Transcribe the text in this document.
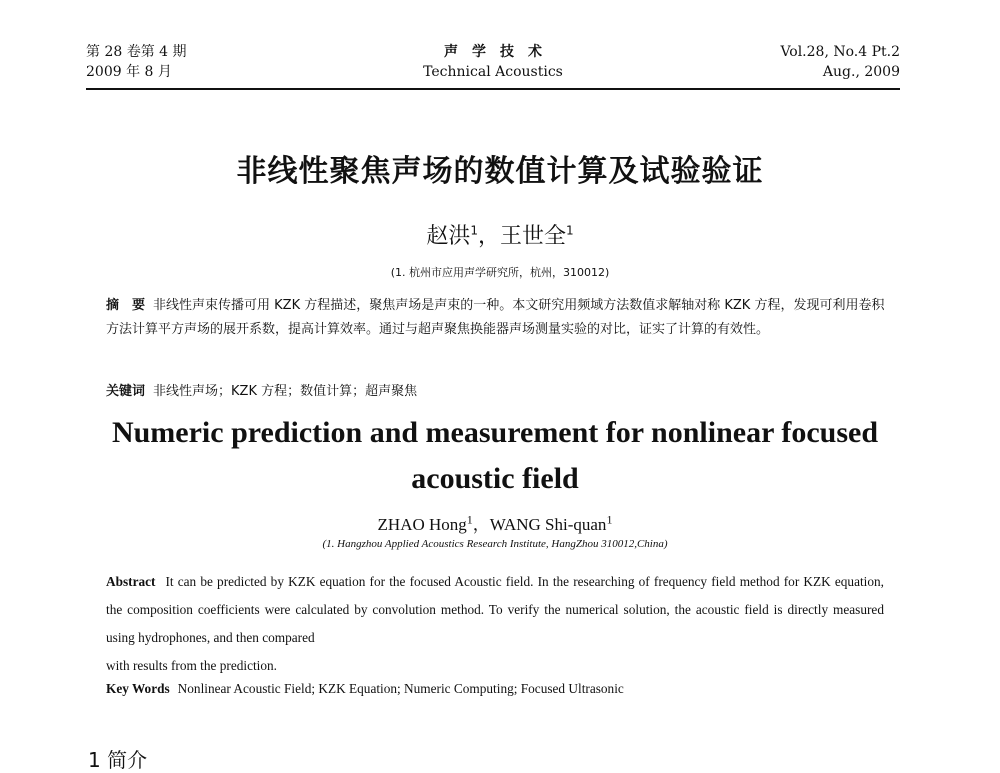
第 28 卷第 4 期
2009 年 8 月
声学技术
Technical Acoustics
Vol.28, No.4 Pt.2
Aug., 2009
非线性聚焦声场的数值计算及试验验证
赵洪$^1$，王世全$^1$
(1. 杭州市应用声学研究所，杭州，310012)
摘　要 非线性声束传播可用 KZK 方程描述，聚焦声场是声束的一种。本文研究用频域方法数值求解轴对称 KZK 方程，发现可利用卷积方法计算平方声场的展开系数，提高计算效率。通过与超声聚焦换能器声场测量实验的对比，证实了计算的有效性。
关键词 非线性声场；KZK 方程；数值计算；超声聚焦
Numeric prediction and measurement for nonlinear focused
acoustic field
ZHAO Hong$^1$，WANG Shi-quan$^1$
(1. Hangzhou Applied Acoustics Research Institute, HangZhou 310012,China)
Abstract It can be predicted by KZK equation for the focused Acoustic field. In the researching of frequency field method for KZK equation, the composition coefficients were calculated by convolution method. To verify the numerical solution, the acoustic field is directly measured using hydrophones, and then compared
with results from the prediction.
Key Words Nonlinear Acoustic Field; KZK Equation; Numeric Computing; Focused Ultrasonic
1 简介
